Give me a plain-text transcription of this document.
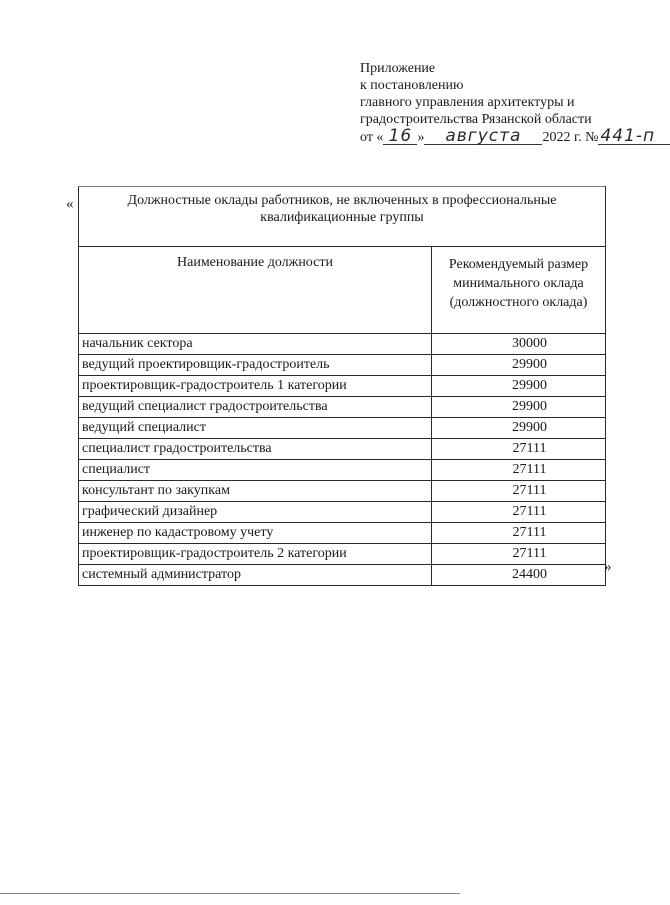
Приложение
к постановлению
главного управления архитектуры и
градостроительства Рязанской области
от « 16 » августа 2022 г. № 441-п
«	Должностные оклады работников, не включенных в профессиональные квалификационные группы	
Наименование должности	Рекомендуемый размер минимального оклада (должностного оклада)
начальник сектора	30000
ведущий проектировщик-градостроитель	29900
проектировщик-градостроитель 1 категории	29900
ведущий специалист градостроительства	29900
ведущий специалист	29900
специалист градостроительства	27111
специалист	27111
консультант по закупкам	27111
графический дизайнер	27111
инженер по кадастровому учету	27111
проектировщик-градостроитель 2 категории	27111
системный администратор	24400	»
